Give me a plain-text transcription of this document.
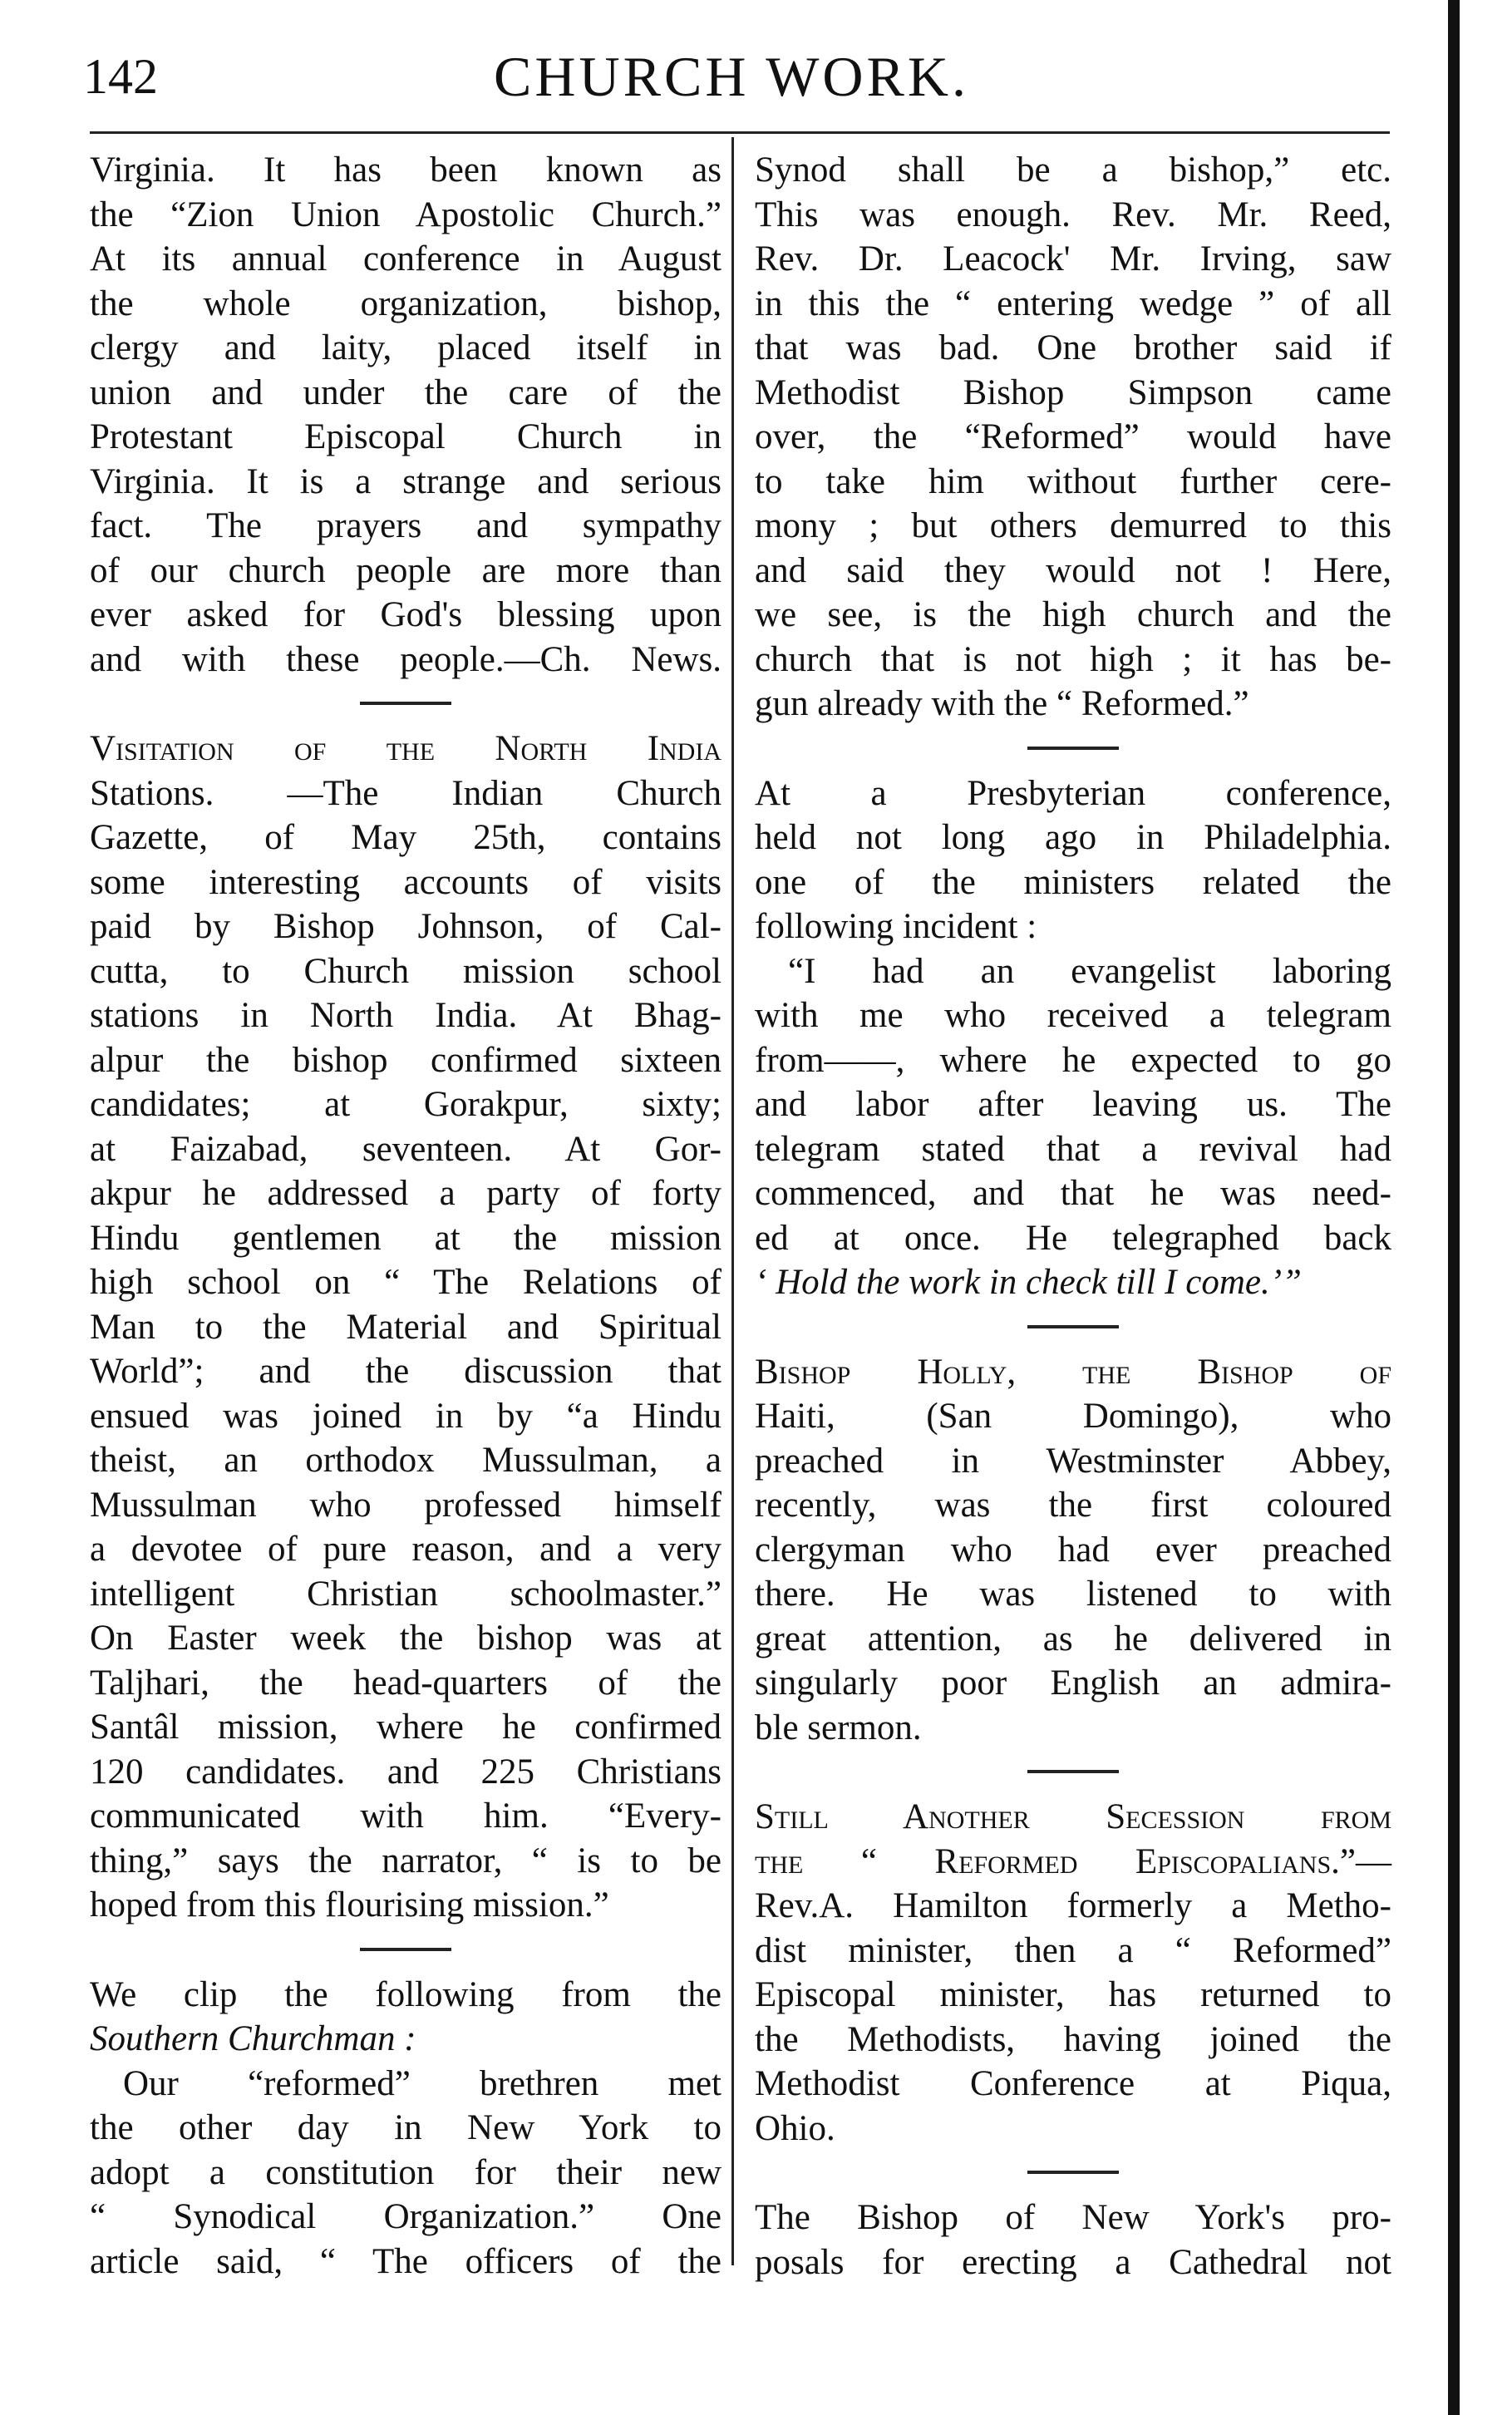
142	CHURCH WORK.
Virginia. It has been known as
the “Zion Union Apostolic Church.”
At its annual conference in August
the whole organization, bishop,
clergy and laity, placed itself in
union and under the care of the
Protestant Episcopal Church in
Virginia. It is a strange and serious
fact. The prayers and sympathy
of our church people are more than
ever asked for God's blessing upon
and with these people.—Ch. News.
Visitation of the North India
Stations. —The Indian Church
Gazette, of May 25th, contains
some interesting accounts of visits
paid by Bishop Johnson, of Cal-
cutta, to Church mission school
stations in North India. At Bhag-
alpur the bishop confirmed sixteen
candidates; at Gorakpur, sixty;
at Faizabad, seventeen. At Gor-
akpur he addressed a party of forty
Hindu gentlemen at the mission
high school on “ The Relations of
Man to the Material and Spiritual
World”; and the discussion that
ensued was joined in by “a Hindu
theist, an orthodox Mussulman, a
Mussulman who professed himself
a devotee of pure reason, and a very
intelligent Christian schoolmaster.”
On Easter week the bishop was at
Taljhari, the head-quarters of the
Santâl mission, where he confirmed
120 candidates. and 225 Christians
communicated with him. “Every-
thing,” says the narrator, “ is to be
hoped from this flourising mission.”
We clip the following from the
Southern Churchman :
Our “reformed” brethren met
the other day in New York to
adopt a constitution for their new
“ Synodical Organization.” One
article said, “ The officers of the
Synod shall be a bishop,” etc.
This was enough. Rev. Mr. Reed,
Rev. Dr. Leacock' Mr. Irving, saw
in this the “ entering wedge ” of all
that was bad. One brother said if
Methodist Bishop Simpson came
over, the “Reformed” would have
to take him without further cere-
mony ; but others demurred to this
and said they would not ! Here,
we see, is the high church and the
church that is not high ; it has be-
gun already with the “ Reformed.”
At a Presbyterian conference,
held not long ago in Philadelphia.
one of the ministers related the
following incident :
“I had an evangelist laboring
with me who received a telegram
from——, where he expected to go
and labor after leaving us. The
telegram stated that a revival had
commenced, and that he was need-
ed at once. He telegraphed back
‘ Hold the work in check till I come.’”
Bishop Holly, the Bishop of
Haiti, (San Domingo), who
preached in Westminster Abbey,
recently, was the first coloured
clergyman who had ever preached
there. He was listened to with
great attention, as he delivered in
singularly poor English an admira-
ble sermon.
Still Another Secession from
the “ Reformed Episcopalians.”—
Rev.A. Hamilton formerly a Metho-
dist minister, then a “ Reformed”
Episcopal minister, has returned to
the Methodists, having joined the
Methodist Conference at Piqua,
Ohio.
The Bishop of New York's pro-
posals for erecting a Cathedral not
